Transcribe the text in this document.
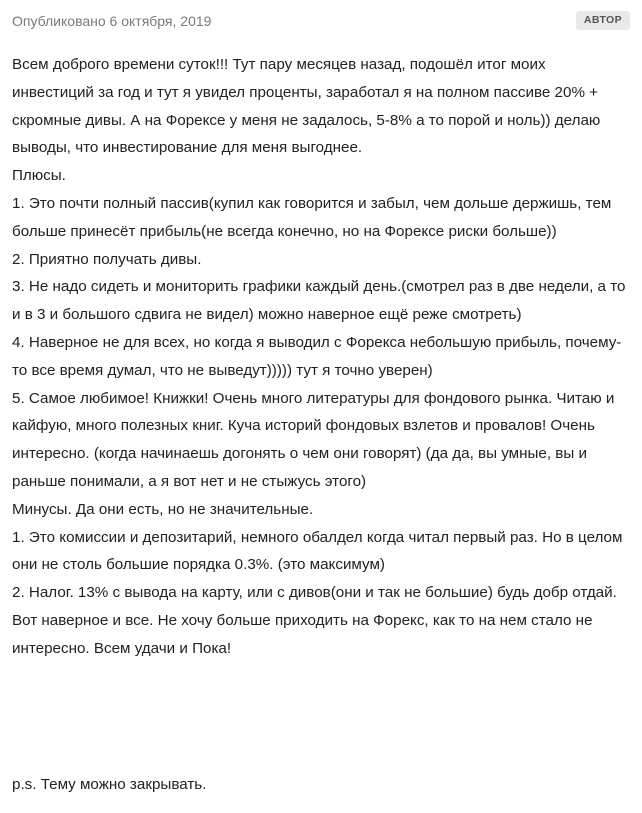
Опубликовано 6 октября, 2019	АВТОР

Всем доброго времени суток!!! Тут пару месяцев назад, подошёл итог моих инвестиций за год и тут я увидел проценты, заработал я на полном пассиве 20% + скромные дивы. А на Форексе у меня не задалось, 5-8% а то порой и ноль)) делаю выводы, что инвестирование для меня выгоднее.

Плюсы.

1. Это почти полный пассив(купил как говорится и забыл, чем дольше держишь, тем больше принесёт прибыль(не всегда конечно, но на Форексе риски больше))

2. Приятно получать дивы.

3. Не надо сидеть и мониторить графики каждый день.(смотрел раз в две недели, а то и в 3 и большого сдвига не видел) можно наверное ещё реже смотреть)

4. Наверное не для всех, но когда я выводил с Форекса небольшую прибыль, почему-то все время думал, что не выведут))))) тут я точно уверен)

5. Самое любимое! Книжки! Очень много литературы для фондового рынка. Читаю и кайфую, много полезных книг. Куча историй фондовых взлетов и провалов! Очень интересно. (когда начинаешь догонять о чем они говорят) (да да, вы умные, вы и раньше понимали, а я вот нет и не стыжусь этого)

Минусы. Да они есть, но не значительные.

1. Это комиссии и депозитарий, немного обалдел когда читал первый раз. Но в целом они не столь большие порядка 0.3%. (это максимум)

2. Налог. 13% с вывода на карту, или с дивов(они и так не большие) будь добр отдай.

Вот наверное и все. Не хочу больше приходить на Форекс, как то на нем стало не интересно. Всем удачи и Пока!

p.s. Тему можно закрывать.
